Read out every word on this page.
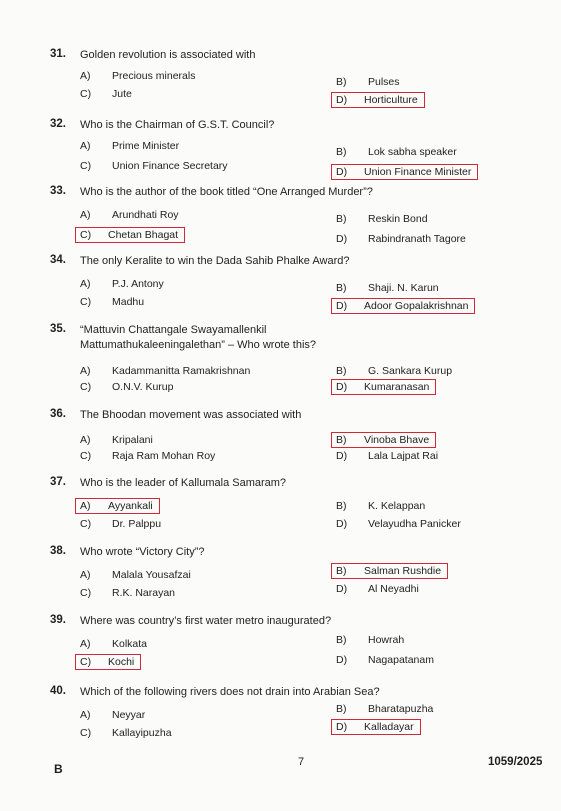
31. Golden revolution is associated with
A) Precious minerals	B) Pulses
C) Jute	D) Horticulture
32. Who is the Chairman of G.S.T. Council?
A) Prime Minister	B) Lok sabha speaker
C) Union Finance Secretary	D) Union Finance Minister
33. Who is the author of the book titled “One Arranged Murder”?
A) Arundhati Roy	B) Reskin Bond
C) Chetan Bhagat	D) Rabindranath Tagore
34. The only Keralite to win the Dada Sahib Phalke Award?
A) P.J. Antony	B) Shaji. N. Karun
C) Madhu	D) Adoor Gopalakrishnan
35. “Mattuvin Chattangale Swayamallenkil Mattumathukaleeningalethan” – Who wrote this?
A) Kadammanitta Ramakrishnan	B) G. Sankara Kurup
C) O.N.V. Kurup	D) Kumaranasan
36. The Bhoodan movement was associated with
A) Kripalani	B) Vinoba Bhave
C) Raja Ram Mohan Roy	D) Lala Lajpat Rai
37. Who is the leader of Kallumala Samaram?
A) Ayyankali	B) K. Kelappan
C) Dr. Palppu	D) Velayudha Panicker
38. Who wrote “Victory City”?
A) Malala Yousafzai	B) Salman Rushdie
C) R.K. Narayan	D) Al Neyadhi
39. Where was country’s first water metro inaugurated?
A) Kolkata	B) Howrah
C) Kochi	D) Nagapatanam
40. Which of the following rivers does not drain into Arabian Sea?
A) Neyyar	B) Bharatapuzha
C) Kallayipuzha	D) Kalladayar
B	7	1059/2025
